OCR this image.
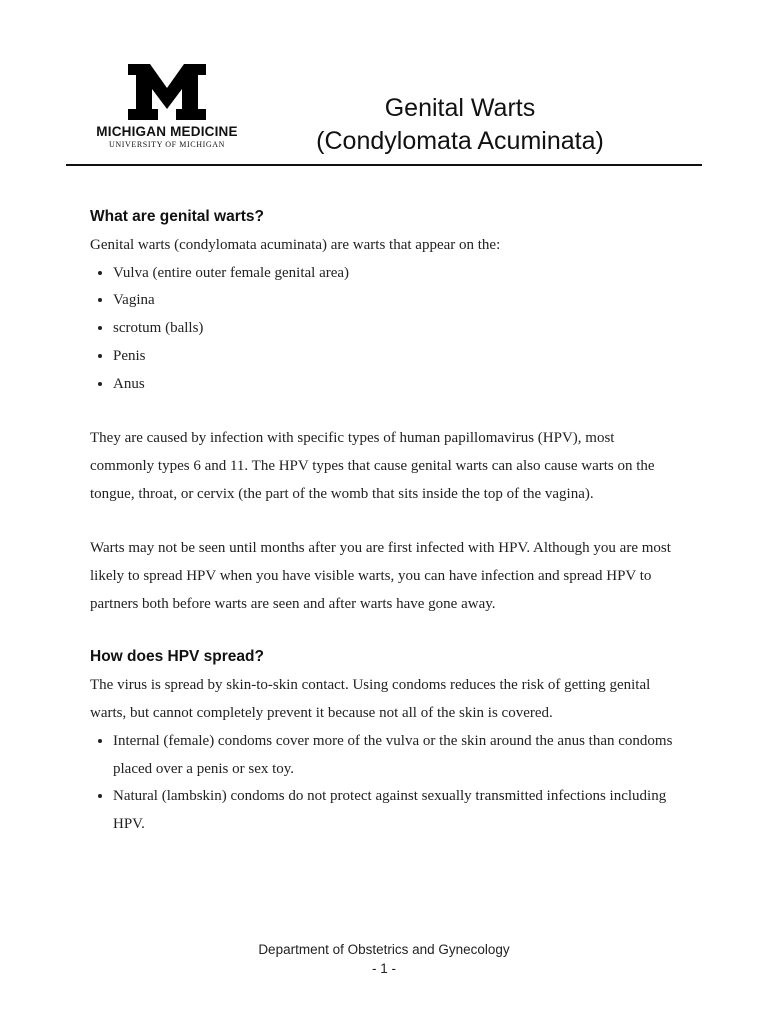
MICHIGAN MEDICINE
UNIVERSITY OF MICHIGAN
Genital Warts
(Condylomata Acuminata)
What are genital warts?

Genital warts (condylomata acuminata) are warts that appear on the:

• Vulva (entire outer female genital area)
• Vagina
• scrotum (balls)
• Penis
• Anus

They are caused by infection with specific types of human papillomavirus (HPV), most commonly types 6 and 11. The HPV types that cause genital warts can also cause warts on the tongue, throat, or cervix (the part of the womb that sits inside the top of the vagina).

Warts may not be seen until months after you are first infected with HPV. Although you are most likely to spread HPV when you have visible warts, you can have infection and spread HPV to partners both before warts are seen and after warts have gone away.

How does HPV spread?

The virus is spread by skin-to-skin contact. Using condoms reduces the risk of getting genital warts, but cannot completely prevent it because not all of the skin is covered.

• Internal (female) condoms cover more of the vulva or the skin around the anus than condoms placed over a penis or sex toy.
• Natural (lambskin) condoms do not protect against sexually transmitted infections including HPV.
Department of Obstetrics and Gynecology
- 1 -
